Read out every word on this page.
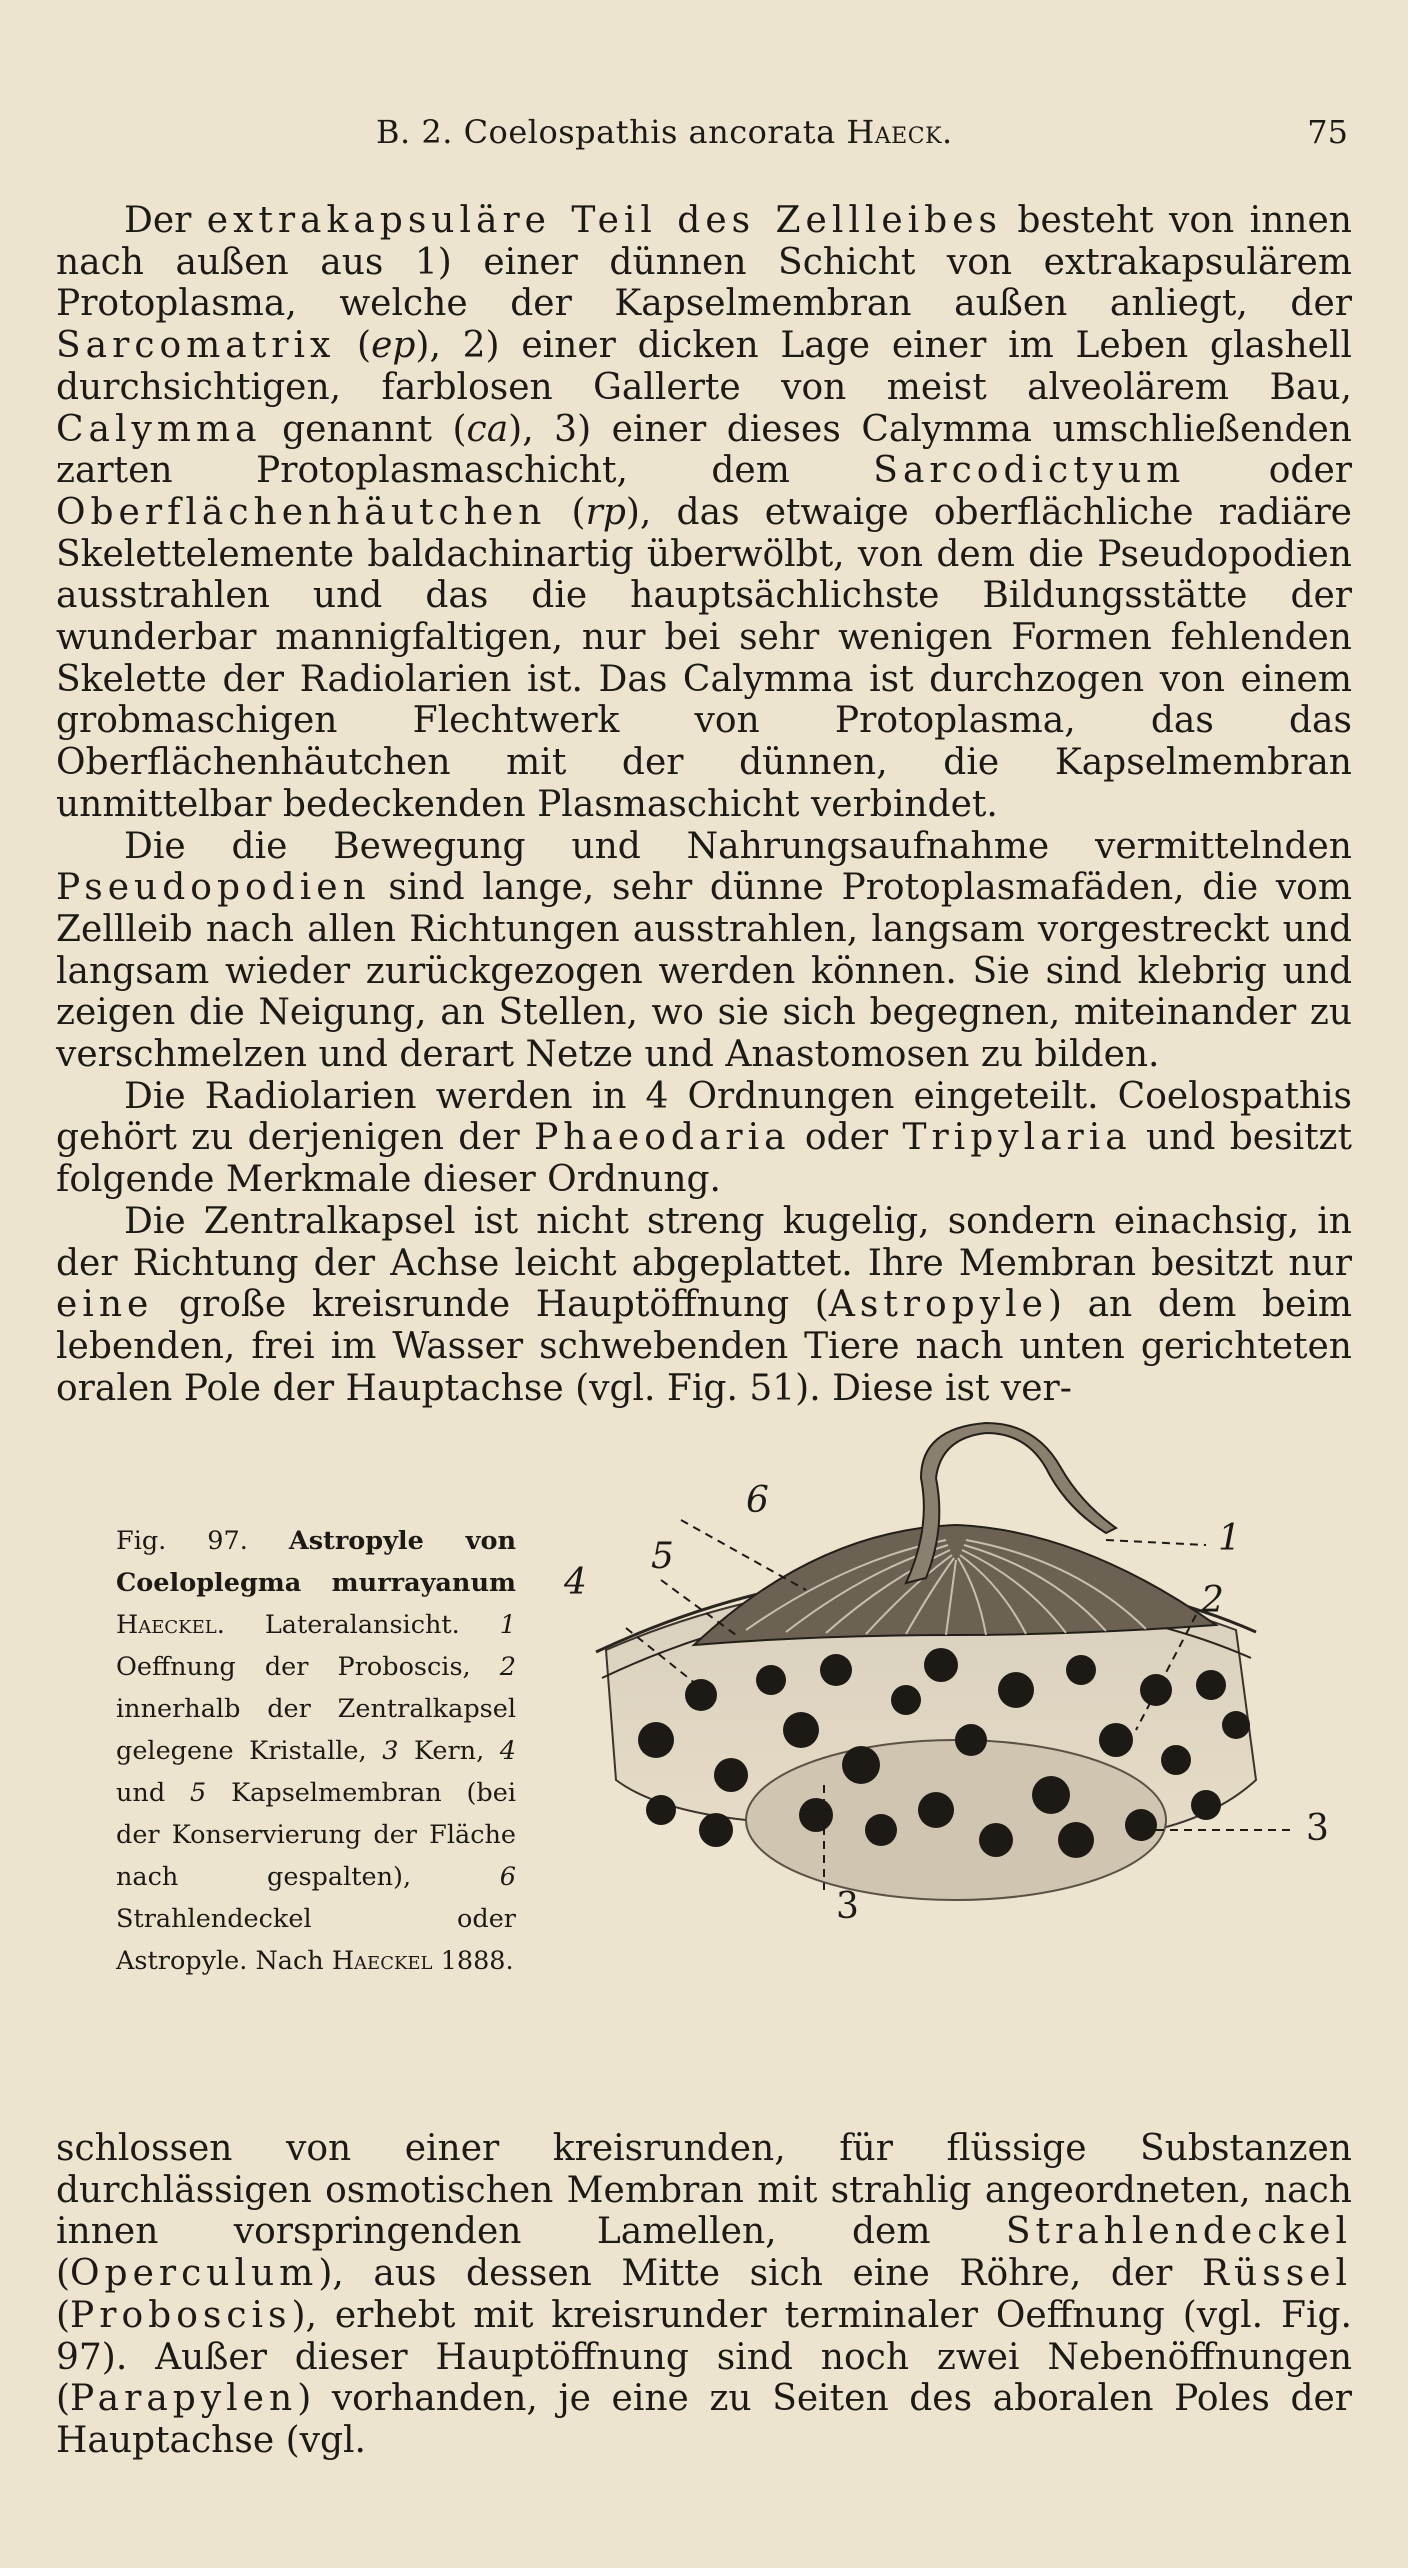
B. 2. Coelospathis ancorata Haeck.	75

Der extrakapsuläre Teil des Zellleibes besteht von innen nach außen aus 1) einer dünnen Schicht von extrakapsulärem Protoplasma, welche der Kapselmembran außen anliegt, der Sarcomatrix (ep), 2) einer dicken Lage einer im Leben glashell durchsichtigen, farblosen Gallerte von meist alveolärem Bau, Calymma genannt (ca), 3) einer dieses Calymma umschließenden zarten Protoplasmaschicht, dem Sarcodictyum oder Oberflächenhäutchen (rp), das etwaige oberflächliche radiäre Skelettelemente baldachinartig überwölbt, von dem die Pseudopodien ausstrahlen und das die hauptsächlichste Bildungsstätte der wunderbar mannigfaltigen, nur bei sehr wenigen Formen fehlenden Skelette der Radiolarien ist. Das Calymma ist durchzogen von einem grobmaschigen Flechtwerk von Protoplasma, das das Oberflächenhäutchen mit der dünnen, die Kapselmembran unmittelbar bedeckenden Plasmaschicht verbindet.

Die die Bewegung und Nahrungsaufnahme vermittelnden Pseudopodien sind lange, sehr dünne Protoplasmafäden, die vom Zellleib nach allen Richtungen ausstrahlen, langsam vorgestreckt und langsam wieder zurückgezogen werden können. Sie sind klebrig und zeigen die Neigung, an Stellen, wo sie sich begegnen, miteinander zu verschmelzen und derart Netze und Anastomosen zu bilden.

Die Radiolarien werden in 4 Ordnungen eingeteilt. Coelospathis gehört zu derjenigen der Phaeodaria oder Tripylaria und besitzt folgende Merkmale dieser Ordnung.

Die Zentralkapsel ist nicht streng kugelig, sondern einachsig, in der Richtung der Achse leicht abgeplattet. Ihre Membran besitzt nur eine große kreisrunde Hauptöffnung (Astropyle) an dem beim lebenden, frei im Wasser schwebenden Tiere nach unten gerichteten oralen Pole der Hauptachse (vgl. Fig. 51). Diese ist ver-

Fig. 97. Astropyle von Coeloplegma murrayanum Haeckel. Lateralansicht. 1 Oeffnung der Proboscis, 2 innerhalb der Zentralkapsel gelegene Kristalle, 3 Kern, 4 und 5 Kapselmembran (bei der Konservierung der Fläche nach gespalten), 6 Strahlendeckel oder Astropyle. Nach Haeckel 1888.
1
2
3
3
4
5
6

schlossen von einer kreisrunden, für flüssige Substanzen durchlässigen osmotischen Membran mit strahlig angeordneten, nach innen vorspringenden Lamellen, dem Strahlendeckel (Operculum), aus dessen Mitte sich eine Röhre, der Rüssel (Proboscis), erhebt mit kreisrunder terminaler Oeffnung (vgl. Fig. 97). Außer dieser Hauptöffnung sind noch zwei Nebenöffnungen (Parapylen) vorhanden, je eine zu Seiten des aboralen Poles der Hauptachse (vgl.
